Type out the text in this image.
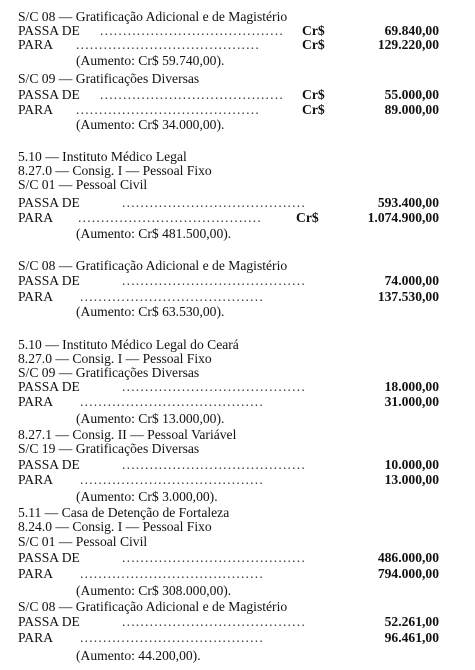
S/C 08 — Gratificação Adicional e de Magistério
PASSA DE ........................................	Cr$	69.840,00
PARA ........................................	Cr$	129.220,00
(Aumento: Cr$ 59.740,00).
S/C 09 — Gratificações Diversas
PASSA DE ........................................	Cr$	55.000,00
PARA ........................................	Cr$	89.000,00
(Aumento: Cr$ 34.000,00).
5.10 — Instituto Médico Legal
8.27.0 — Consig. I — Pessoal Fixo
S/C 01 — Pessoal Civil
PASSA DE	........................................	593.400,00
PARA ........................................	Cr$	1.074.900,00
(Aumento: Cr$ 481.500,00).
S/C 08 — Gratificação Adicional e de Magistério
PASSA DE	........................................	74.000,00
PARA ........................................	137.530,00
(Aumento: Cr$ 63.530,00).
5.10 — Instituto Médico Legal do Ceará
8.27.0 — Consig. I — Pessoal Fixo
S/C 09 — Gratificações Diversas
PASSA DE	........................................	18.000,00
PARA ........................................	31.000,00
(Aumento: Cr$ 13.000,00).
8.27.1 — Consig. II — Pessoal Variável
S/C 19 — Gratificações Diversas
PASSA DE	........................................	10.000,00
PARA ........................................	13.000,00
(Aumento: Cr$ 3.000,00).
5.11 — Casa de Detenção de Fortaleza
8.24.0 — Consig. I — Pessoal Fixo
S/C 01 — Pessoal Civil
PASSA DE	........................................	486.000,00
PARA ........................................	794.000,00
(Aumento: Cr$ 308.000,00).
S/C 08 — Gratificação Adicional e de Magistério
PASSA DE	........................................	52.261,00
PARA ........................................	96.461,00
(Aumento: 44.200,00).
